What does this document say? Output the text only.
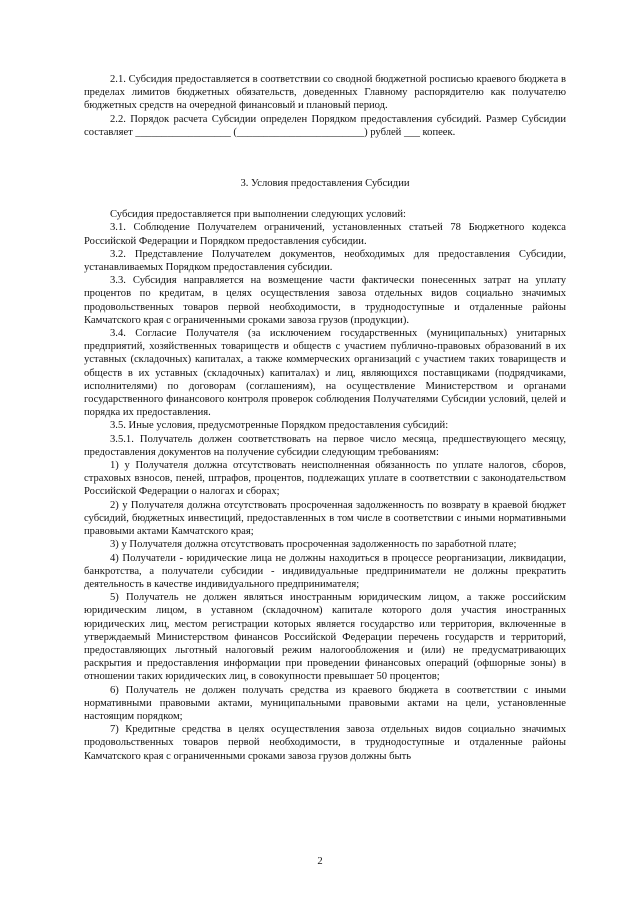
2.1. Субсидия предоставляется в соответствии со сводной бюджетной росписью краевого бюджета в пределах лимитов бюджетных обязательств, доведенных Главному распорядителю как получателю бюджетных средств на очередной финансовый и плановый период.

2.2. Порядок расчета Субсидии определен Порядком предоставления субсидий. Размер Субсидии составляет __________________ (________________________) рублей ___ копеек.

3. Условия предоставления Субсидии

Субсидия предоставляется при выполнении следующих условий:

3.1. Соблюдение Получателем ограничений, установленных статьей 78 Бюджетного кодекса Российской Федерации и Порядком предоставления субсидии.

3.2. Представление Получателем документов, необходимых для предоставления Субсидии, устанавливаемых Порядком предоставления субсидии.

3.3. Субсидия направляется на возмещение части фактически понесенных затрат на уплату процентов по кредитам, в целях осуществления завоза отдельных видов социально значимых продовольственных товаров первой необходимости, в труднодоступные и отдаленные районы Камчатского края с ограниченными сроками завоза грузов (продукции).

3.4. Согласие Получателя (за исключением государственных (муниципальных) унитарных предприятий, хозяйственных товариществ и обществ с участием публично-правовых образований в их уставных (складочных) капиталах, а также коммерческих организаций с участием таких товариществ и обществ в их уставных (складочных) капиталах) и лиц, являющихся поставщиками (подрядчиками, исполнителями) по договорам (соглашениям), на осуществление Министерством и органами государственного финансового контроля проверок соблюдения Получателями Субсидии условий, целей и порядка их предоставления.

3.5. Иные условия, предусмотренные Порядком предоставления субсидий:

3.5.1. Получатель должен соответствовать на первое число месяца, предшествующего месяцу, предоставления документов на получение субсидии следующим требованиям:

1) у Получателя должна отсутствовать неисполненная обязанность по уплате налогов, сборов, страховых взносов, пеней, штрафов, процентов, подлежащих уплате в соответствии с законодательством Российской Федерации о налогах и сборах;

2) у Получателя должна отсутствовать просроченная задолженность по возврату в краевой бюджет субсидий, бюджетных инвестиций, предоставленных в том числе в соответствии с иными нормативными правовыми актами Камчатского края;

3) у Получателя должна отсутствовать просроченная задолженность по заработной плате;

4) Получатели - юридические лица не должны находиться в процессе реорганизации, ликвидации, банкротства, а получатели субсидии - индивидуальные предприниматели не должны прекратить деятельность в качестве индивидуального предпринимателя;

5) Получатель не должен являться иностранным юридическим лицом, а также российским юридическим лицом, в уставном (складочном) капитале которого доля участия иностранных юридических лиц, местом регистрации которых является государство или территория, включенные в утверждаемый Министерством финансов Российской Федерации перечень государств и территорий, предоставляющих льготный налоговый режим налогообложения и (или) не предусматривающих раскрытия и предоставления информации при проведении финансовых операций (офшорные зоны) в отношении таких юридических лиц, в совокупности превышает 50 процентов;

6) Получатель не должен получать средства из краевого бюджета в соответствии с иными нормативными правовыми актами, муниципальными правовыми актами на цели, установленные настоящим порядком;

7) Кредитные средства в целях осуществления завоза отдельных видов социально значимых продовольственных товаров первой необходимости, в труднодоступные и отдаленные районы Камчатского края с ограниченными сроками завоза грузов должны быть

2
